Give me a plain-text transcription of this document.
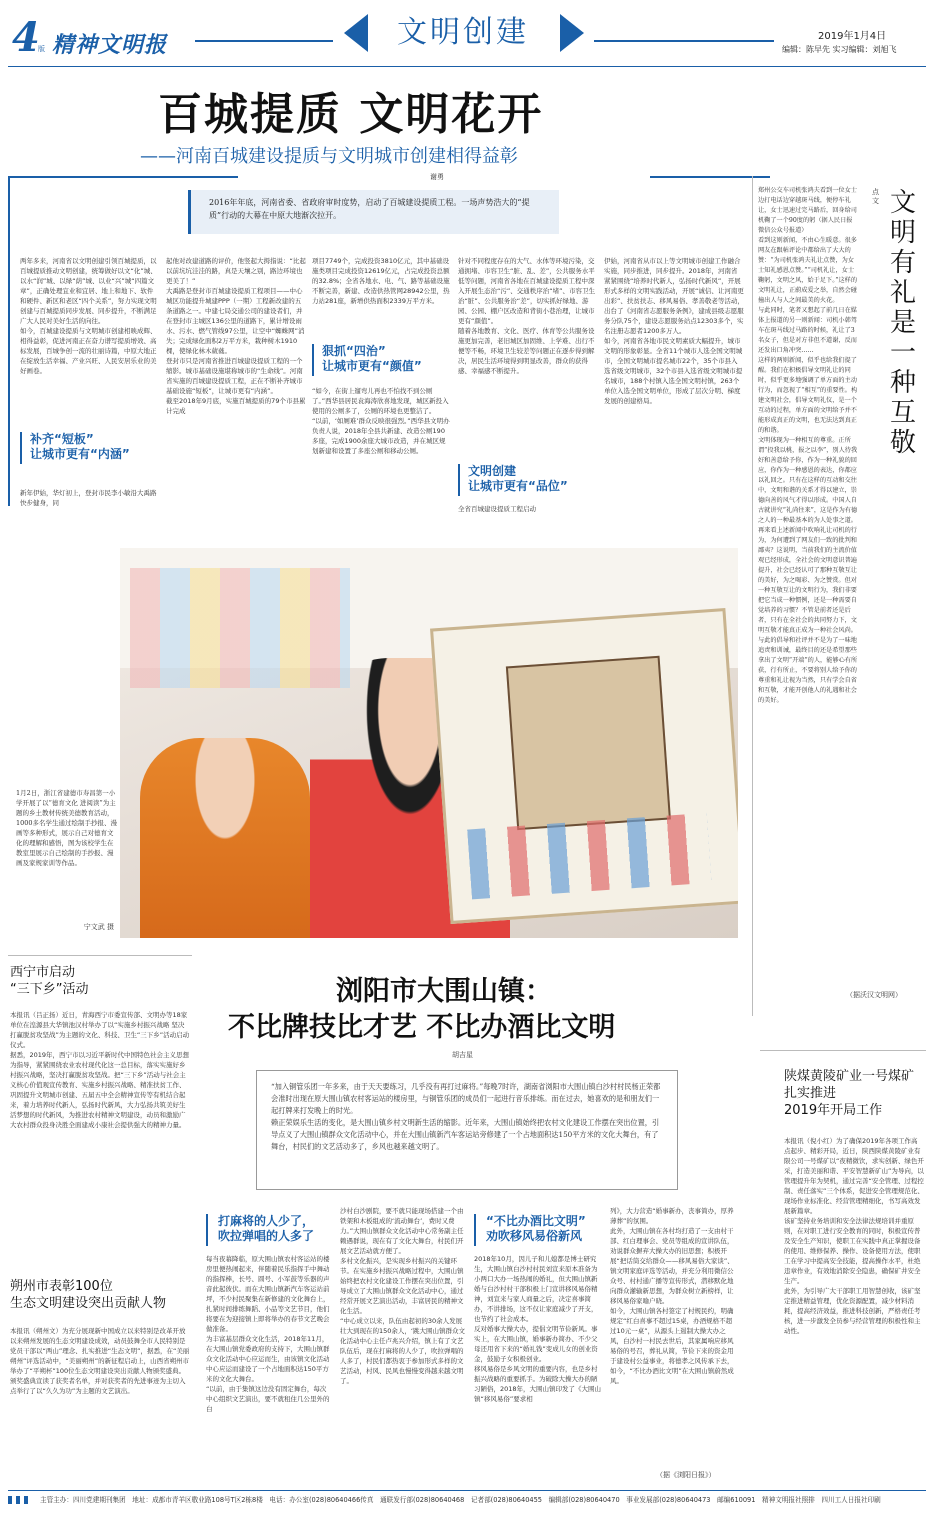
4
版 精神文明报	文明创建	2019年1月4日
编辑：陈早先 实习编辑：刘旭飞
百城提质 文明花开
——河南百城建设提质与文明城市创建相得益彰
谢勇
2016年年底，河南省委、省政府审时度势，启动了百城建设提质工程。一场声势浩大的“提质”行动的大幕在中原大地渐次拉开。
两年多来，河南省以文明创建引领百城提质，以百城提质推动文明创建，统筹做好以文“化”城、以水“润”城、以绿“荫”城、以业“兴”城“四篇文章”，正确处理宜业和宜居、地上和地下、软件和硬件、新区和老区“四个关系”，努力实现文明创建与百城提质同步发展、同步提升，不断满足广大人民对美好生活的向往。
如今，百城建设提质与文明城市创建相映成辉、相得益彰，促进河南正在奋力谱写提质增效、高标发展，百城争创一流的壮丽诗篇，中原大地正在绽放生活幸福、产业兴旺、人民安居乐业的美好画卷。
补齐“短板”
让城市更有“内涵”
新年伊始，华灯初上，登封市民李小敏沿大禹路快步健身，同
起他对改建道路的评价，他竖起大拇指说：“比起以前坑坑洼洼的路，真是天壤之别，路边环境也更美了！”
大禹路是登封市百城建设提质工程项目——中心城区功能提升城建PPP（一期）工程新改建的五条道路之一。中建七局交通公司的建设者们，并在登封市主城区136公里的道路下，累计增设雨水、污水、燃气管线97公里，让空中“蜘蛛网”消失；完成绿化面积2万平方米，栽种树木1910棵，使绿化林木葳蕤。
登封市只是河南省推进百城建设提质工程的一个缩影。城市基础设施堪称城市的“生命线”。河南省实施的百城建设提质工程，正在不断补齐城市基础设施“短板”，让城市更有“内涵”。
截至2018年9月底，实施百城提质的79个市县累计完成
项目7749个，完成投资3810亿元，其中基础设施类项目完成投资12619亿元，占完成投资总额的32.8%；全省各地水、电、气、路等基础设施不断完善，新建、改造供热管网28942公里，热力站281座，新增供热面积2339万平方米。
狠抓“四治”
让城市更有“颜值”
“如今，在街上遛弯儿再也不怕找不到公厕了。”西华县居民袁海涛欣喜地发现，城区新投入使用的公厕多了，公厕的环境也更整洁了。
“以前，‘如厕难’群众反映很强烈。”西华县文明办负责人说，2018年全县共新建、改造公厕190多座，完成1900余座大城市改造，并在城区规划新建和设置了多座公厕和移动公厕。
针对不同程度存在的大气、水体等环境污染，交通拥堵、市容卫生“脏、乱、差”，公共服务水平低等问题，河南省各地在百城建设提质工程中深入开展生态治“污”、交通秩序治“堵”、市容卫生治“脏”、公共服务治“差”，切实抓好绿地、游园、公园、棚户区改造和背街小巷治理，让城市更有“颜值”。
随着各地教育、文化、医疗、体育等公共服务设施更加完善，老旧城区加固维、上学难、出行不便等不畅，环境卫生较差等问题正在逐步得到解决，居民生活环境得到明显改善，群众的获得感、幸福感不断提升。
文明创建
让城市更有“品位”
全省百城建设提质工程启动
伊始，河南省从市以上等文明城市创建工作融合实施，同步推进，同步提升。2018年，河南省紧紧围绕“培养时代新人，弘扬时代新风”，开展形式多样的文明实践活动，开展“诚信、让河南更出彩”、扶贫扶志、移风易俗、孝善敬老等活动，出台了《河南省志愿服务条例》，建成县级志愿服务分队75个，建设志愿服务站点12303多个，实名注册志愿者1200多万人。
如今，河南省各地市民文明素质大幅提升，城市文明的形象彰显。全省11个城市人选全国文明城市，全国文明城市提名城市22个，35个市县入选省级文明城市，32个市县入选省级文明城市提名城市，188个村镇入选全国文明村镇，263个单位入选全国文明单位，形成了层次分明、梯度发展的创建格局。
1月2日，浙江省建德市寿昌第一小学开展了以“德育文化 进阅读”为主题的乡土教材传统美德教育活动，1000多名学生通过绘制手抄报、漫画等多种形式，展示自己对德育文化的理解和感悟，图为该校学生在教室里展示自己绘制的手抄报、漫画及家规家训等作品。
宁文武 摄
郑州公交车司机张鸿夫看到一位女士边打电话边穿越斑马线，便停车礼让，女士迅速过完马路后，回身给司机鞠了一个90度的躬（据人民日报微信公众号报道）
看到这则新闻，不由心生暖意。很多网友在跟帖评论中都给出了大大的赞：“为司机张鸿夫礼让点赞，为女士知礼感恩点赞。”“司机礼让，女士鞠躬，文明之风，始于足下。”这样的文明礼让，正蔚成爱之举，自然会碰撞出人与人之间最美的火花。
与此同时，笔者又想起了前几日在媒体上报道的另一则新闻：司机小韩驾车在斑马线过马路的时候，礼让了3名女子，但是对方非但不道谢，反而还发出口角冲突……
这样的两则新闻，似乎也给我们提了醒。我们在积极倡导文明礼让的同时，似乎更多地强调了单方面的主动行为，而忽视了“相互”的重要性。构建文明社会，倡导文明礼仪，是一个互动的过程，单方面的文明给予并不能形成真正的文明，也无法达到真正的和谐。
文明体现为一种相互的尊重。正所谓“投我以桃，报之以李”，别人待我好和善意给予你，作为一种礼貌的回应，你作为一种感恩的表达，你都应以礼回之。只有在这样的互动和交往中，文明和谐的关系才得以建立，崇德向善的风气才得以形成。中国人自古就讲究“礼尚往来”，这是作为有德之人的一种最基本的为人处事之道。
再来看上述新闻中吹响礼让司机的行为，为何遭到了网友们一致的批判和鄙夷？这说明，当前我们的主流价值观已经形成，全社会的文明意识普遍提升，社会已经认可了那种互敬互让的美好，为之喝彩、为之赞赏。但对一种互敬互让的文明行为，我们非要把它当成一种惯例，还是一种需要自觉培养的习惯？不管是前者还是后者，只有在全社会的共同努力下，文明互敬才能真正成为一种社会风尚。
与此的倡导和社评并不是为了一味地追责和训诫，最终目的还是希望那些拿出了文明“开端”的人，能够心有所获，行有所止，不要将别人给予你的尊重和礼让视为当然，只有学会自省和互敬，才能开创他人的礼遇和社会的美好。
点文 文明有礼是一种互敬
（据沃汉文明网）
西宁市启动
“三下乡”活动
本报讯（吕正扬）近日，青海西宁市委宣传部、文明办等18家单位在湟源县大华镇池汉村举办了以“实施乡村振兴战略 坚决打赢脱贫攻坚战”为主题的文化、科技、卫生“三下乡”活动启动仪式。
据悉，2019年，西宁市以习近平新时代中国特色社会主义思想为指导，紧紧围绕农业农村现代化这一总目标，落实实施好乡村振兴战略，坚决打赢脱贫攻坚战。把“三下乡”活动与社会主义核心价值观宣传教育、实施乡村振兴战略、精准扶贫工作、巩固提升文明城市创建、五届五中全会精神宣传等有机结合起来，着力培养时代新人，弘扬时代新风，大力弘扬共筑美好生活梦想的时代新风，为推进农村精神文明建设，动员和激励广大农村群众投身决胜全面建成小康社会提供强大的精神力量。
朔州市表彰100位
生态文明建设突出贡献人物
本报讯（朔州文）为充分展现新中国成立以来特别是改革开放以来朔州发展的生态文明建设成效，动员鼓舞全市人民特别是党员干部以“两山”理念、扎实推进“生态文明”，据悉，在“美丽朔州”评选活动中，“美丽朔州”的新征程启动上，山西省朔州市举办了“平朔杯”100位生态文明建设突出贡献人物颁奖盛典。
颁奖盛典宣读了获奖者名单，并对获奖者的先进事迹为主切入点举行了以“久久为功”为主题的文艺演出。
浏阳市大围山镇：
不比牌技比才艺 不比办酒比文明
胡吉星
“加入铜管乐团一年多来，由于天天要练习，几乎没有再打过麻将。”每晚7时许，湖南省浏阳市大围山镇白沙村村民杨正荣都会准时出现在原大围山镇农村客运站的楼房里，与铜管乐团的成员们一起进行音乐排练。而在过去，她喜欢的是和朋友们一起打牌来打发晚上的时光。
赖正荣娱乐生活的变化，是大围山镇乡村文明新生活的缩影。近年来，大围山镇始终把农村文化建设工作摆在突出位置，引导点义了大围山镇群众文化活动中心，并在大围山镇新汽车客运站旁修建了一个占地面积达150平方米的文化大舞台，有了舞台，村民们的文艺活动多了，乡风也越来越文明了。
打麻将的人少了，
吹拉弹唱的人多了
每当夜幕降临，原大围山镇农村客运站的楼房里便热闹起来，伴随着民乐指挥手中舞动的指挥棒，长号、圆号、小军鼓等乐器的声音此起彼伏。而在大围山镇新汽车客运站前坪，不少村民聚集在新修建的文化舞台上，扎紧时间排练舞蹈、小品等文艺节目，他们将要在为迎接镇上即将举办的春节文艺晚会做准备。
为丰富基层群众文化生活，2018年11月，在大围山镇党委政府的支持下，大围山镇群众文化活动中心应运而生，由该镇文化活动中心应运而建设了一个占地面积达150平方米的文化大舞台。
“以前，由于集镇这边没有固定舞台，每次中心组织文艺演出，要不就租住几公里外的白
沙村白沙剧院，要不就只能现场搭建一个由铁架和木板组成的‘流动舞台’，费时又费力。”大围山镇群众文化活动中心常务副主任赖遇群说，现在有了文化大舞台，村民们开展文艺活动就方便了。
多村文化振兴，是实现乡村振兴的关键环节。在实施乡村振兴战略过程中，大围山镇始终把农村文化建设工作摆在突出位置，引导成立了大围山镇群众文化活动中心，通过经常开展文艺演出活动，丰富居民的精神文化生活。
“中心成立以来，队伍由起初的30余人发展壮大到现在的150余人，‘跳大围山镇群众文化活动中心主任卢兆兴介绍，镇上有了文艺队伍后，现在打麻将的人少了，吹拉弹唱的人多了，村民们都热衷于参加形式多样的文艺活动，村风、民风也慢慢变得越来越文明了。
“不比办酒比文明”
劝吹移风易俗新风
2018年10月，因儿子和儿媳都是博士研究生，大围山镇白沙村村民刘宣来原本准备为小两口大办一场热闹的婚礼，但大围山镇新婚与白沙村村干部积极上门宣讲移风易俗精神，刘宣来与家人商量之后，决定喜事简办，不讲排场，这不仅让家庭减少了开支，也节约了社会成本。
反对婚事大操大办，提倡文明节俭新风。事实上，在大围山镇，婚事新办简办、不少父母还用省下来的“婚礼钱”变成儿女的创业资金，鼓励子女积极创业。
移风易俗是乡风文明的重要内容，也是乡村振兴战略的重要抓手。为破除大操大办的陋习陋俗，2018年，大围山镇印发了《大围山镇“移风易俗”要求相
列》，大力营造“婚事新办，丧事简办，厚养薄葬”的氛围。
此外，大围山镇在各村均打造了一支由村干部、红白理事会、党员等组成的宣讲队伍，劝说群众摒弃大操大办的旧思想；积极开展“把话筒交给群众——移风易俗大家谈”、镇文明家庭评选等活动，并充分利用微信公众号、村村通广播等宣传形式，潜移默化地向群众灌输新思想，为群众树立新榜样，让移风易俗家喻户晓。
如今，大围山镇各村签定了村规民约，明确规定“红白喜事不超过15桌，办酒规格不超过10元一桌”，从源头上遏制大操大办之风，白沙村一村民去世后，其家属响应移风易俗的号召，葬礼从简，节俭下来的资金用于建设村公益事业，将德孝之风传承下去，如今，“不比办酒比文明”在大围山镇蔚然成风。
（据《浏阳日报》）
陕煤黄陵矿业一号煤矿
扎实推进
2019年开局工作
本报讯（倪小红）为了确保2019年各项工作高点起步、精彩开局，近日，陕西陕煤黄陵矿业有限公司一号煤矿以“夜精微饮，求实创新、绿色开采，打造美丽和谐、平安智慧新矿山”为导向，以管理提升年为契机，通过完善“安全管理、过程控制、责任落实”三个体系，促进安全管理规范化、现场作业标准化、经营管理精细化，书写高效发展新篇章。
该矿坚持业务培训和安全法律法规培训并重原则，在对职工进行安全教育的同时，积极宣传普及安全生产知识，使职工在实践中真正掌握设备的使用、维修保养、操作、设备使用方法，使职工在学习中提高安全技能，提高操作水平，杜绝违章作业，有效地消除安全隐患，确保矿井安全生产。
此外，为引导广大干部职工用智慧创收，该矿坚定推进精益管理，优化资源配置，减少材料消耗，提高经济效益，推进科技创新，严格责任考核，进一步激发全员参与经营管理的积极性和主动性。
主管主办：四川党建期刊集团　地址：成都市青羊区敬业路108号T区2栋8楼　电话：办公室(028)80640466传真　通联发行部(028)80640468　记者部(028)80640455　编辑部(028)80640470　事业发展部(028)80640473　邮编610091　精神文明报社照排　四川工人日报社印刷
